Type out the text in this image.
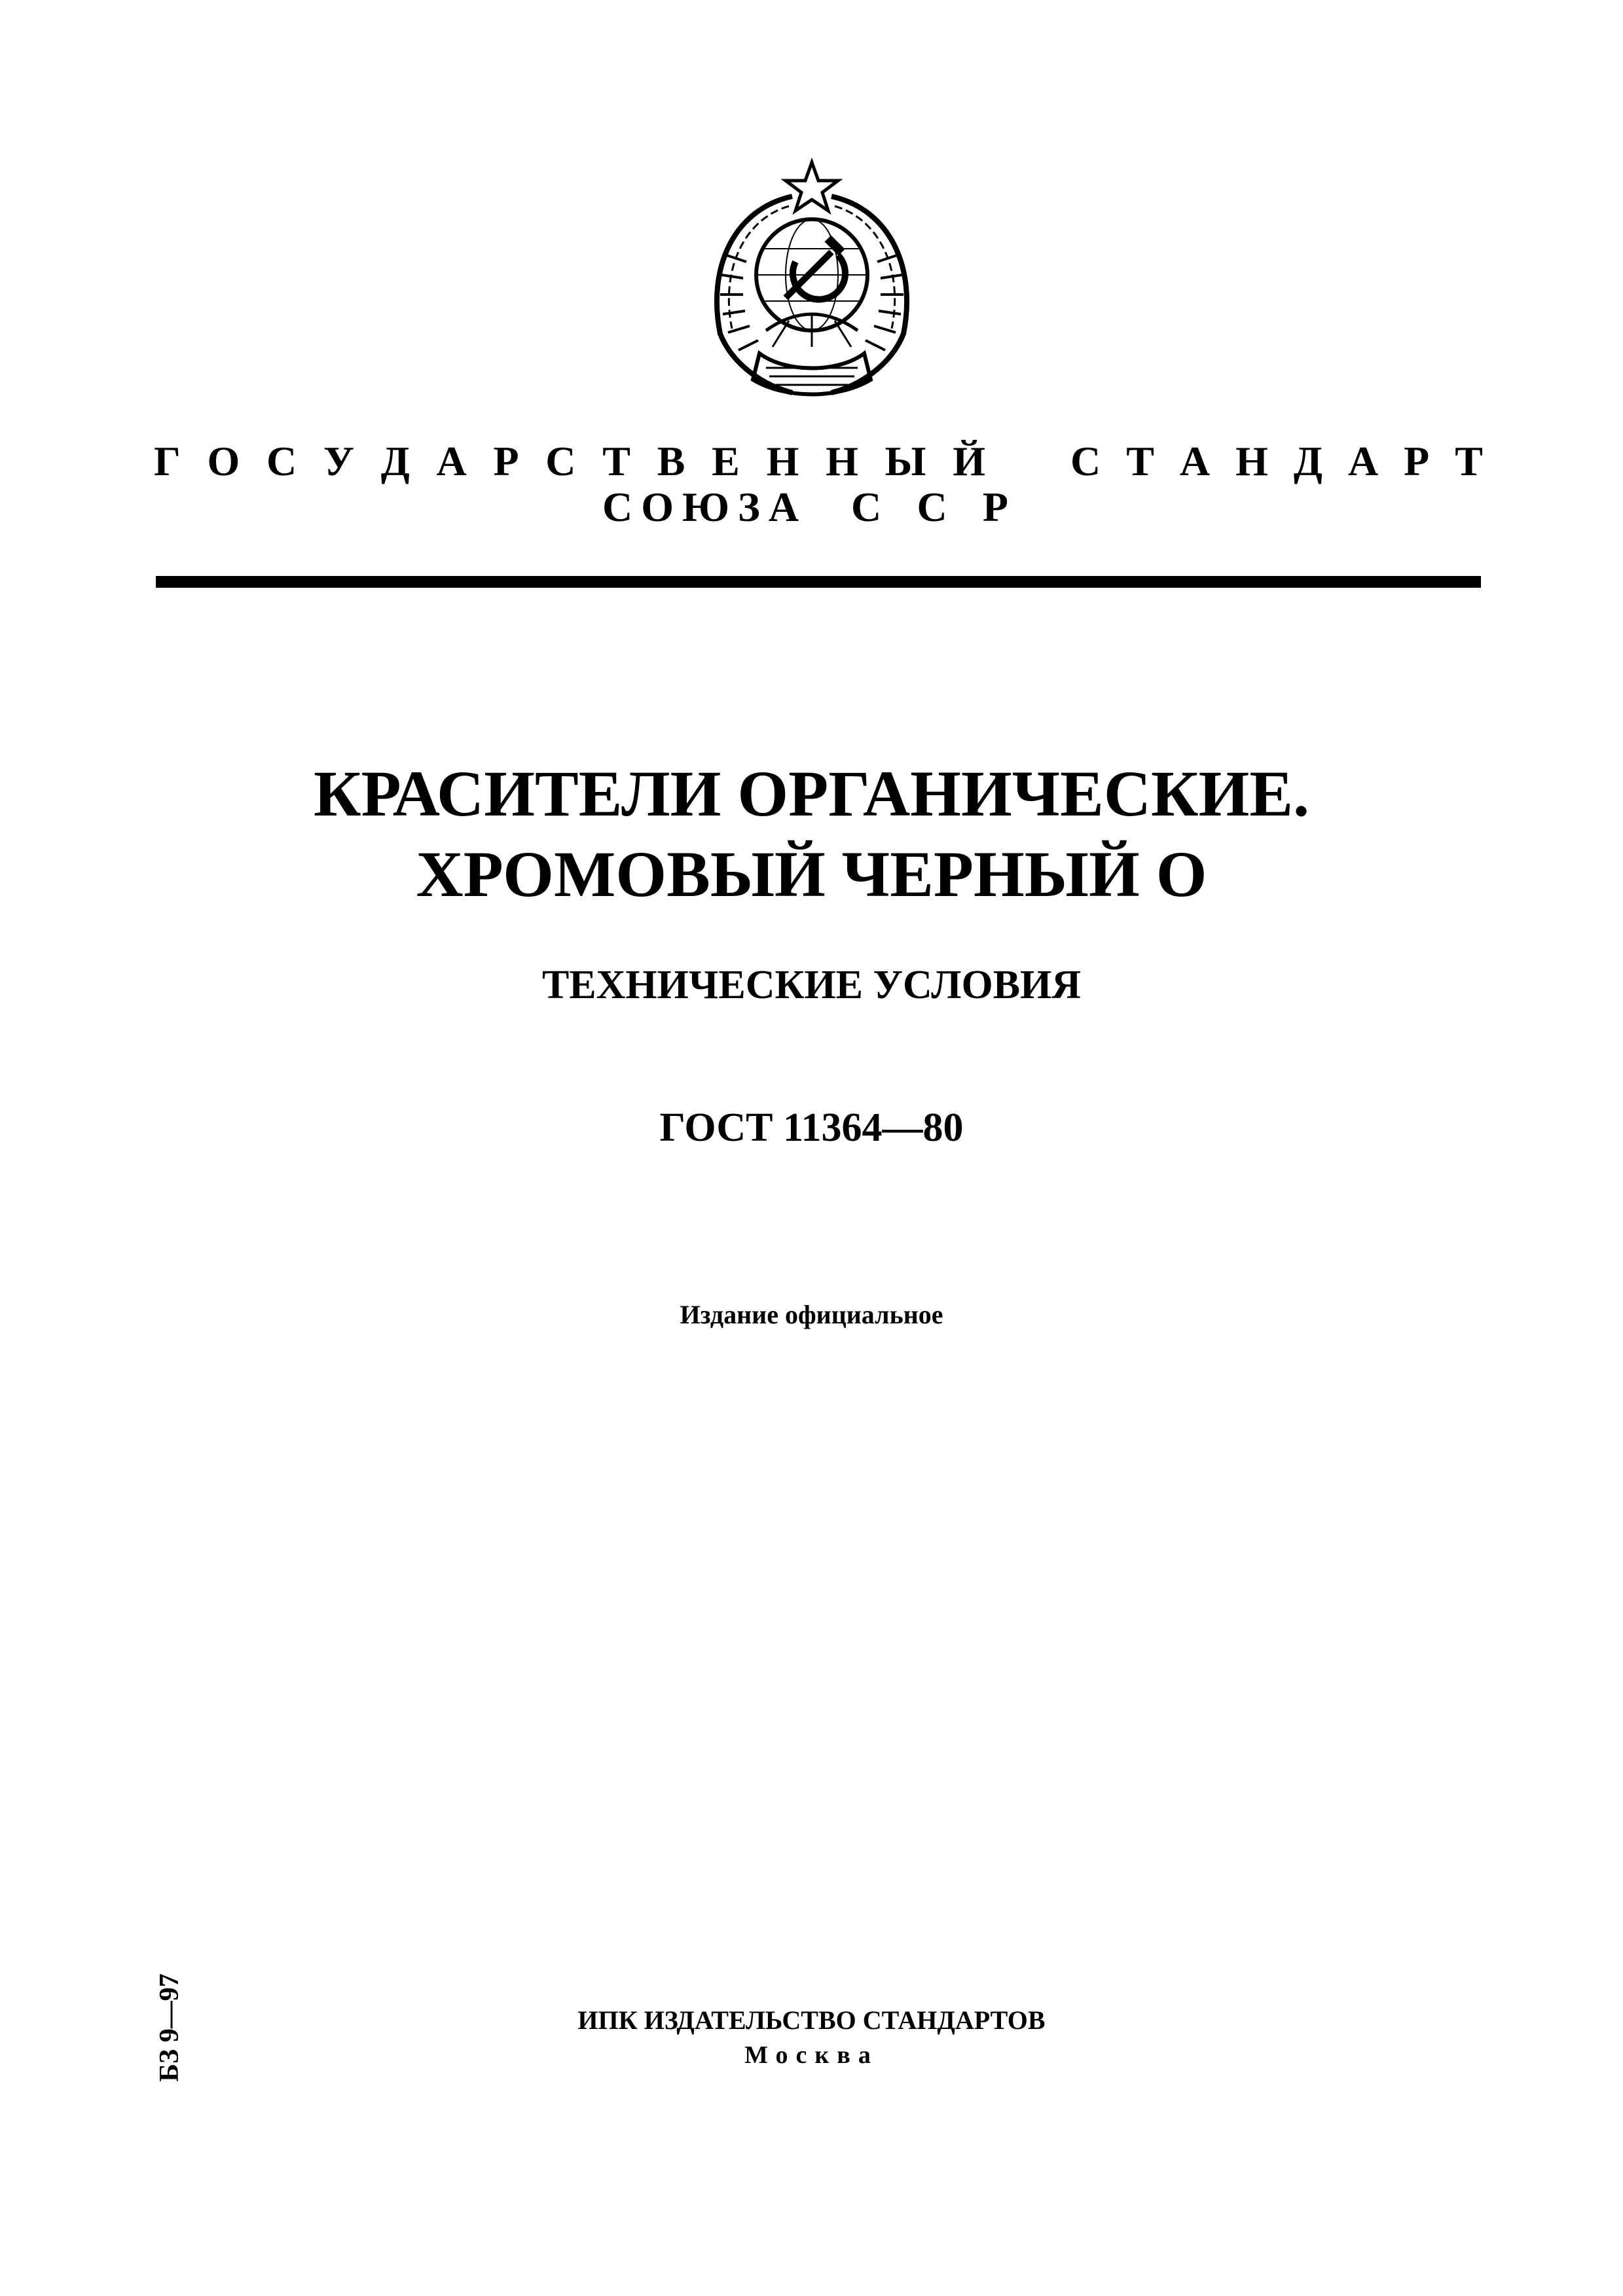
Г О С У Д А Р С Т В Е Н Н Ы Й С Т А Н Д А Р Т
С О Ю З А С С Р
КРАСИТЕЛИ ОРГАНИЧЕСКИЕ.
ХРОМОВЫЙ ЧЕРНЫЙ О
ТЕХНИЧЕСКИЕ УСЛОВИЯ
ГОСТ 11364—80
Издание официальное
БЗ 9—97	ИПК ИЗДАТЕЛЬСТВО СТАНДАРТОВ
Москва
